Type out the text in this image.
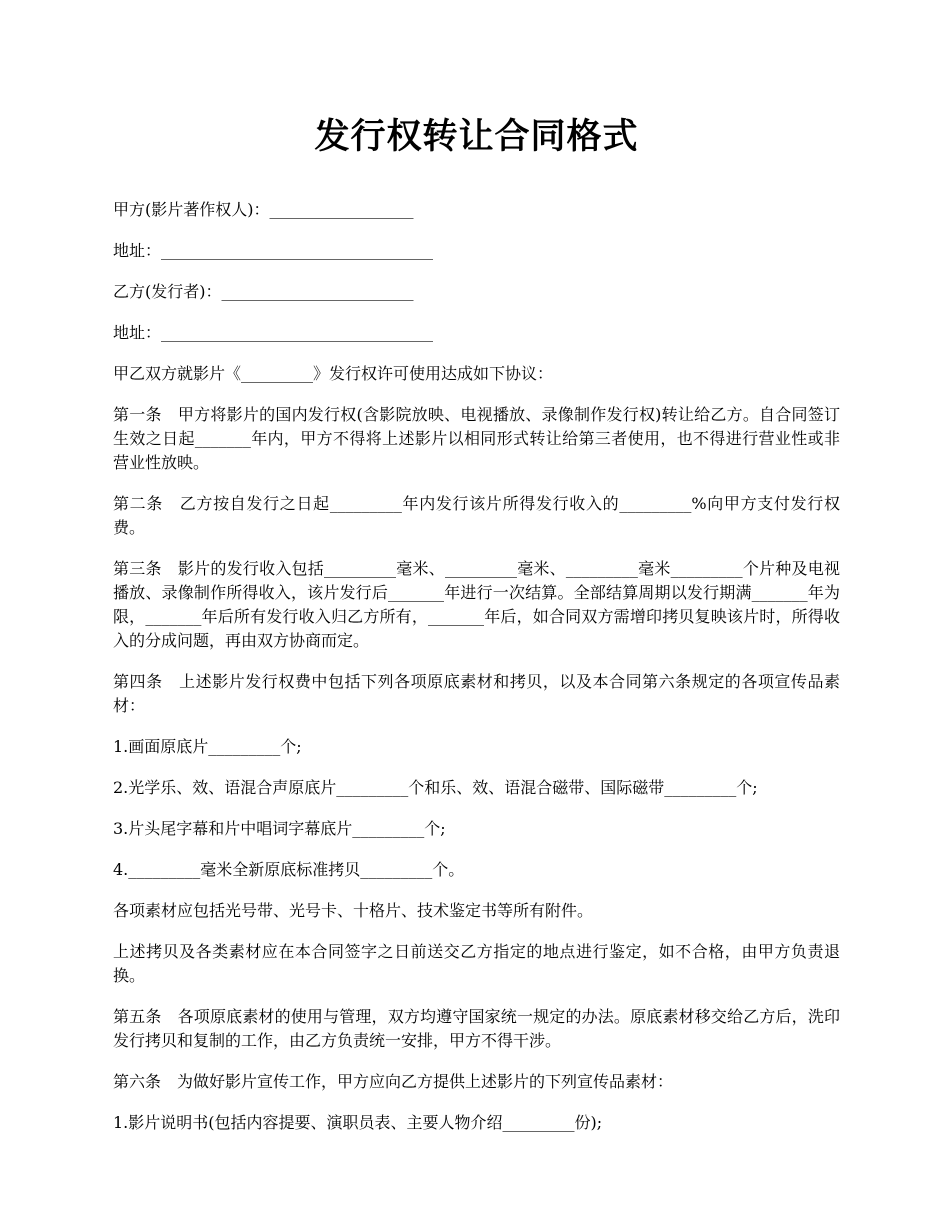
发行权转让合同格式

甲方(影片著作权人)：__________________

地址：__________________________________

乙方(发行者)：________________________

地址：__________________________________

甲乙双方就影片《_________》发行权许可使用达成如下协议：

第一条　甲方将影片的国内发行权(含影院放映、电视播放、录像制作发行权)转让给乙方。自合同签订生效之日起_______年内，甲方不得将上述影片以相同形式转让给第三者使用，也不得进行营业性或非营业性放映。

第二条　乙方按自发行之日起_________年内发行该片所得发行收入的_________%向甲方支付发行权费。

第三条　影片的发行收入包括_________毫米、_________毫米、_________毫米_________个片种及电视播放、录像制作所得收入，该片发行后_______年进行一次结算。全部结算周期以发行期满_______年为限，_______年后所有发行收入归乙方所有，_______年后，如合同双方需增印拷贝复映该片时，所得收入的分成问题，再由双方协商而定。

第四条　上述影片发行权费中包括下列各项原底素材和拷贝，以及本合同第六条规定的各项宣传品素材：

1.画面原底片_________个;

2.光学乐、效、语混合声原底片_________个和乐、效、语混合磁带、国际磁带_________个;

3.片头尾字幕和片中唱词字幕底片_________个;

4._________毫米全新原底标准拷贝_________个。

各项素材应包括光号带、光号卡、十格片、技术鉴定书等所有附件。

上述拷贝及各类素材应在本合同签字之日前送交乙方指定的地点进行鉴定，如不合格，由甲方负责退换。

第五条　各项原底素材的使用与管理，双方均遵守国家统一规定的办法。原底素材移交给乙方后，洗印发行拷贝和复制的工作，由乙方负责统一安排，甲方不得干涉。

第六条　为做好影片宣传工作，甲方应向乙方提供上述影片的下列宣传品素材：

1.影片说明书(包括内容提要、演职员表、主要人物介绍_________份);
